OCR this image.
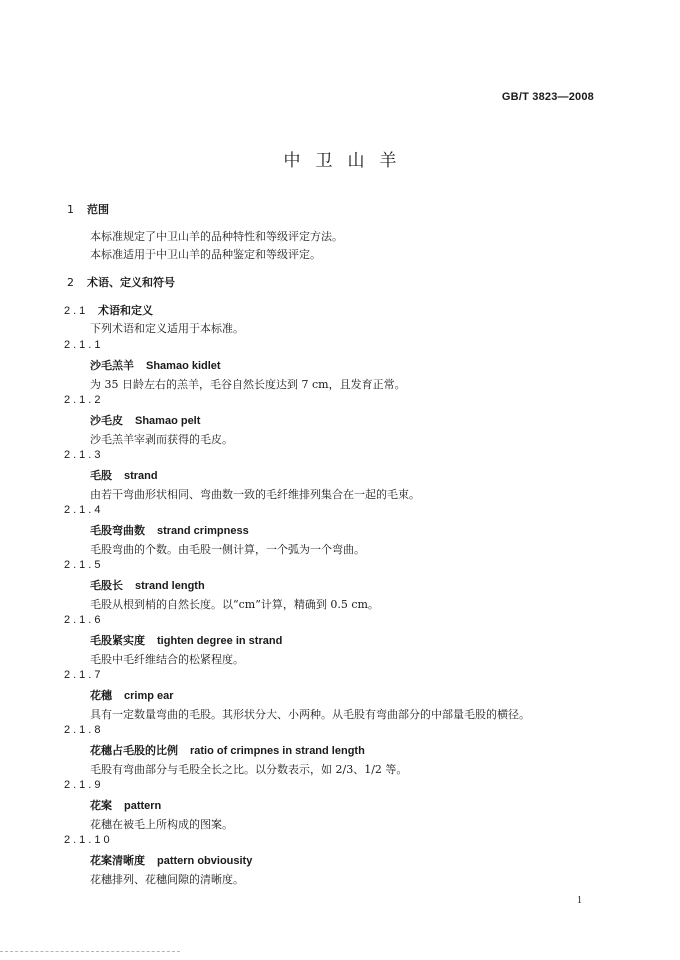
GB/T 3823—2008
中卫山羊
1 范围
本标准规定了中卫山羊的品种特性和等级评定方法。
本标准适用于中卫山羊的品种鉴定和等级评定。
2 术语、定义和符号
2.1 术语和定义
下列术语和定义适用于本标准。
2.1.1
沙毛羔羊 Shamao kidlet
为 35 日龄左右的羔羊，毛谷自然长度达到 7 cm，且发育正常。
2.1.2
沙毛皮 Shamao pelt
沙毛羔羊宰剥而获得的毛皮。
2.1.3
毛股 strand
由若干弯曲形状相同、弯曲数一致的毛纤维排列集合在一起的毛束。
2.1.4
毛股弯曲数 strand crimpness
毛股弯曲的个数。由毛股一侧计算，一个弧为一个弯曲。
2.1.5
毛股长 strand length
毛股从根到梢的自然长度。以“cm”计算，精确到 0.5 cm。
2.1.6
毛股紧实度 tighten degree in strand
毛股中毛纤维结合的松紧程度。
2.1.7
花穗 crimp ear
具有一定数量弯曲的毛股。其形状分大、小两种。从毛股有弯曲部分的中部量毛股的横径。
2.1.8
花穗占毛股的比例 ratio of crimpnes in strand length
毛股有弯曲部分与毛股全长之比。以分数表示，如 2/3、1/2 等。
2.1.9
花案 pattern
花穗在被毛上所构成的图案。
2.1.10
花案清晰度 pattern obviousity
花穗排列、花穗间隙的清晰度。
1
